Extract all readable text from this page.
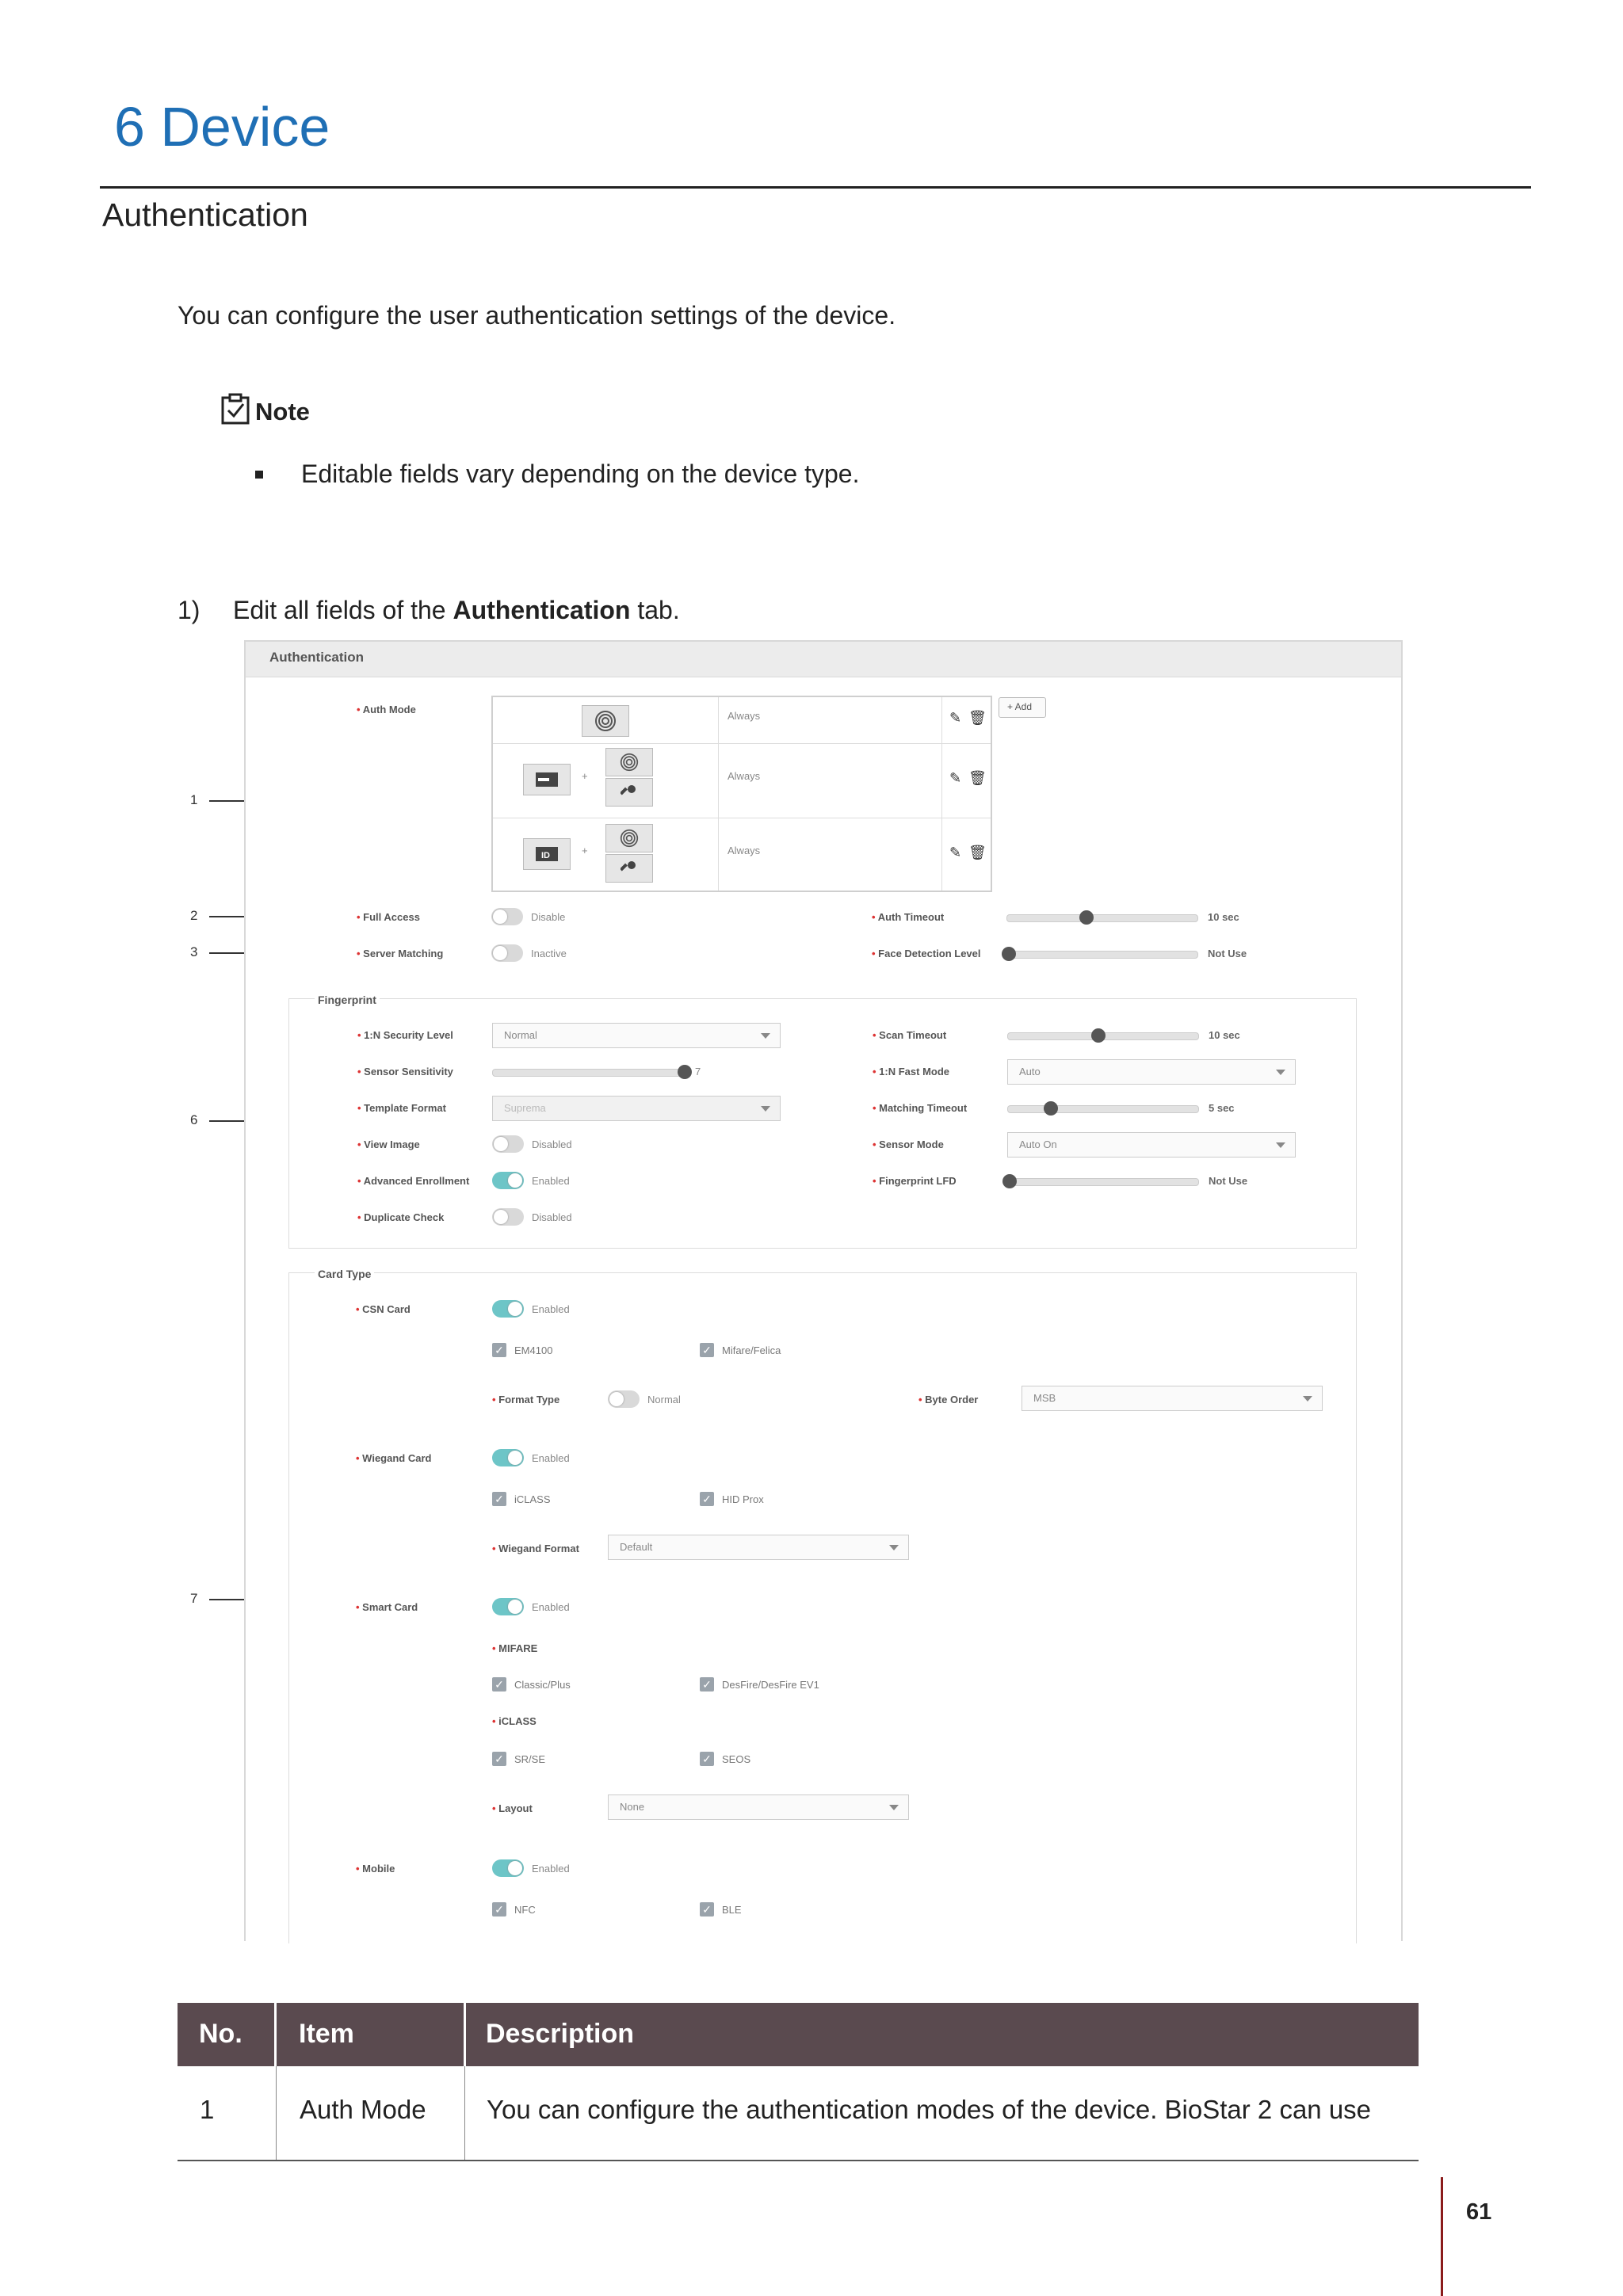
6 Device
Authentication
You can configure the user authentication settings of the device.
Note
Editable fields vary depending on the device type.
1) Edit all fields of the Authentication tab.
1
2
3
6
7
Authentication
• Auth Mode
Always	✎ 🗑
+	Always	✎ 🗑
ID	+	Always	✎ 🗑
+ Add
• Full Access	Disable
• Server Matching	Inactive
• Auth Timeout	10 sec
• Face Detection Level	Not Use
Fingerprint
• 1:N Security Level	Normal
• Sensor Sensitivity	7
• Template Format	Suprema
• View Image	Disabled
• Advanced Enrollment	Enabled
• Duplicate Check	Disabled
• Scan Timeout	10 sec
• 1:N Fast Mode	Auto
• Matching Timeout	5 sec
• Sensor Mode	Auto On
• Fingerprint LFD	Not Use
Card Type
• CSN Card	Enabled
✓ EM4100	✓ Mifare/Felica
• Format Type	Normal
•	Byte Order	MSB
• Wiegand Card	Enabled
✓ iCLASS	✓ HID Prox
• Wiegand Format	Default
• Smart Card	Enabled
• MIFARE
✓ Classic/Plus	✓ DesFire/DesFire EV1
• iCLASS
✓ SR/SE	✓ SEOS
• Layout	None
• Mobile	Enabled
✓ NFC	✓ BLE
No. Item	Description
1	Auth Mode You can configure the authentication modes of the device. BioStar 2 can use
61
